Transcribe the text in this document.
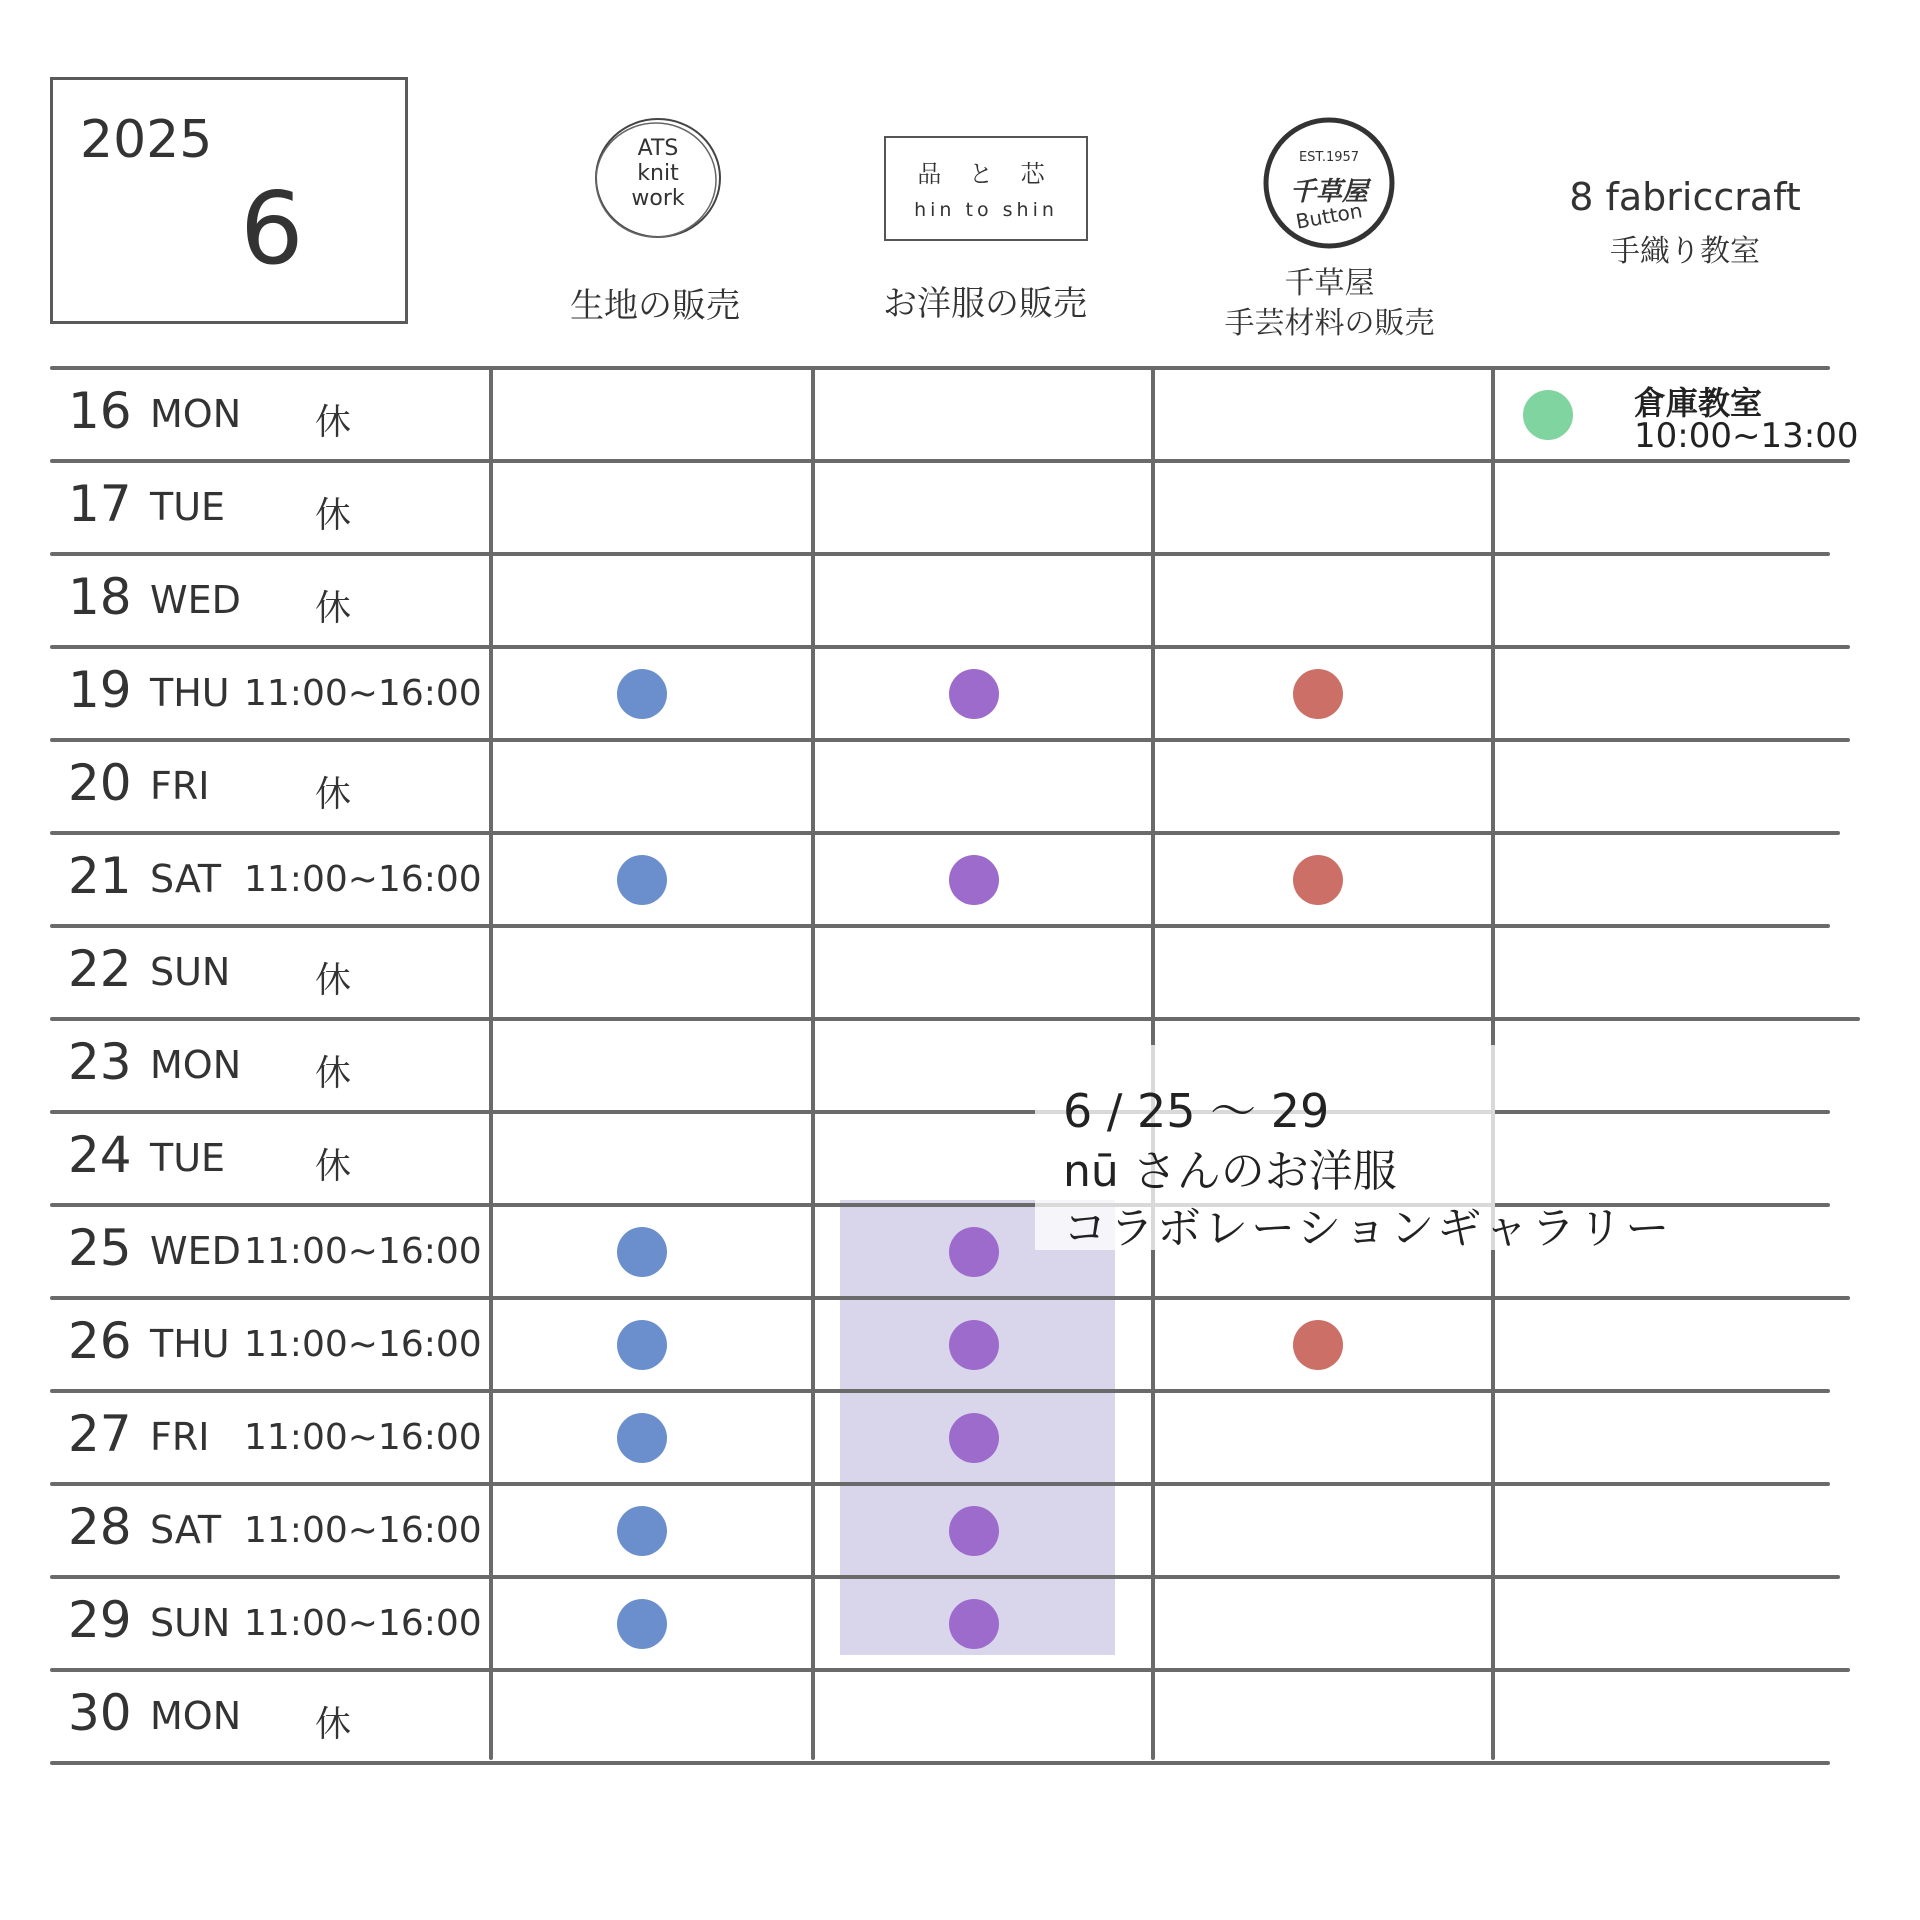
2025
6
ATS
knit
work
生地の販売
品 と 芯
hin to shin
お洋服の販売
EST.1957
千草屋
Button
千草屋
手芸材料の販売
8 fabriccraft
手織り教室
16 MON 休
17 TUE 休
18 WED 休
19 THU 11:00~16:00
20 FRI	休
21 SAT 11:00~16:00
22 SUN 休
23 MON 休
24 TUE 休
25 WED 11:00~16:00
26 THU 11:00~16:00
27 FRI 11:00~16:00
28 SAT 11:00~16:00
29 SUN 11:00~16:00
30 MON 休
倉庫教室
10:00~13:00
6 / 25 ～ 29
nū さんのお洋服
コラボレーションギャラリー
